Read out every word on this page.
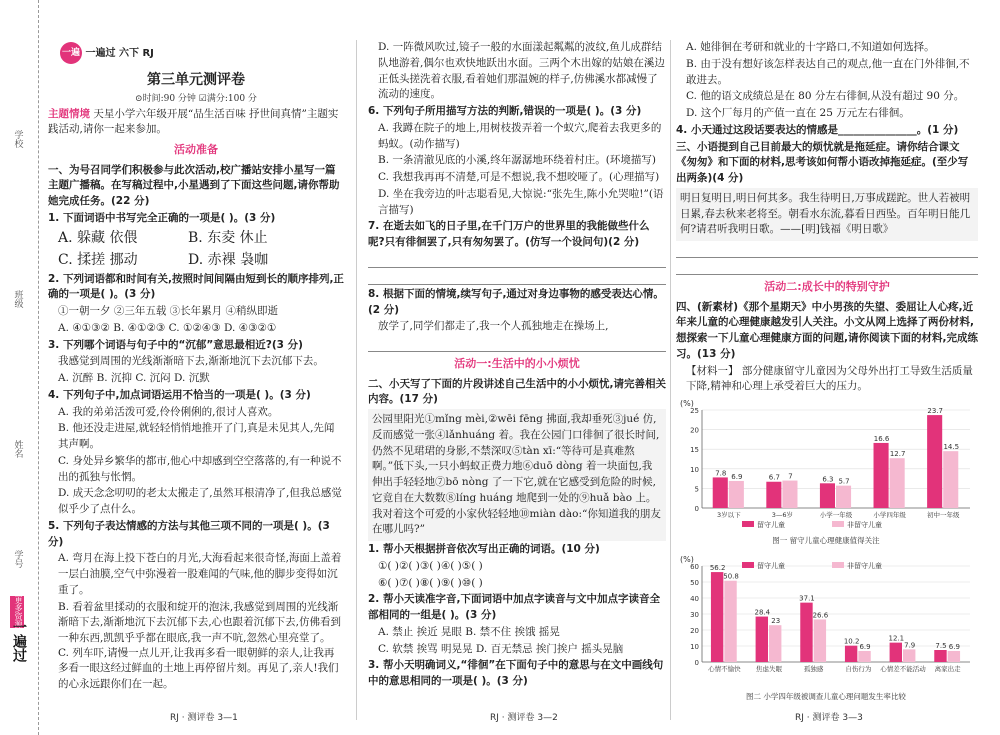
学校
班级
姓名
学号
更多资源
一遍过
一遍 一遍过 六下 RJ
第三单元测评卷
⊙时间:90 分钟 ☑满分:100 分

主题情境 天星小学六年级开展“品生活百味 抒世间真情”主题实践活动,请你一起来参加。

活动准备

一、为号召同学们积极参与此次活动,校广播站安排小星写一篇主题广播稿。在写稿过程中,小星遇到了下面这些问题,请你帮助她完成任务。(22 分)

1. 下面词语中书写完全正确的一项是( )。(3 分)

A. 躲藏 依偎	B. 东夌 休止

C. 揉搓 挪动	D. 赤裸 袅咖

2. 下列词语都和时间有关,按照时间间隔由短到长的顺序排列,正确的一项是( )。(3 分)

①一朝一夕 ②三年五载 ③长年累月 ④稍纵即逝

A. ④①③② B. ④①②③ C. ①②④③ D. ④③②①

3. 下列哪个词语与句子中的“沉郁”意思最相近?(3 分)

我感觉到周围的光线渐渐暗下去,渐渐地沉下去沉郁下去。

A. 沉醉 B. 沉抑 C. 沉闷 D. 沉默

4. 下列句子中,加点词语运用不恰当的一项是( )。(3 分)

A. 我的弟弟活泼可爱,伶伶俐俐的,很讨人喜欢。

B. 他还没走进屋,就轻轻悄悄地推开了门,真是未见其人,先闻其声啊。

C. 身处异乡繁华的都市,他心中却感到空空落落的,有一种说不出的孤独与怅惘。

D. 成天念念叨叨的老太太搬走了,虽然耳根清净了,但我总感觉似乎少了点什么。

5. 下列句子表达情感的方法与其他三项不同的一项是( )。(3 分)

A. 弯月在海上投下苍白的月光,大海看起来很奇怪,海面上盖着一层白油膜,空气中弥漫着一股难闻的气味,他的脚步变得如沉重了。

B. 看着盆里揉动的衣服和绽开的泡沫,我感觉到周围的光线渐渐暗下去,渐渐地沉下去沉郁下去,心也跟着沉郁下去,仿佛看到一种东西,凯凯乎乎都在眼底,我一声不吭,忽然心里亮堂了。

C. 列车吓,请慢一点儿开,让我再多看一眼朝鲜的亲人,让我再多看一眼这经过鲜血的土地上再停留片刻。再见了,亲人!我们的心永远跟你们在一起。

RJ · 测评卷 3—1

D. 一阵微风吹过,镜子一般的水面漾起粼粼的波纹,鱼儿成群结队地游着,偶尔也欢快地跃出水面。三两个木出嫁的姑娘在溪边正低头搓洗着衣服,看着她们那温婉的样子,仿佛溪水都减慢了流动的速度。

6. 下列句子所用描写方法的判断,错误的一项是( )。(3 分)

A. 我蹲在院子的地上,用树枝拨弄着一个蚁穴,爬着去我更多的蚂蚁。(动作描写)

B. 一条清澈见底的小溪,终年潺潺地环绕着村庄。(环境描写)

C. 我想我再再不清楚,可是不想说,我不想咬哑了。(心理描写)

D. 坐在我旁边的叶志聪看见,大惊说:“张先生,陈小允哭啦!”(语言描写)

7. 在逝去如飞的日子里,在千门万户的世界里的我能做些什么呢?只有徘徊罢了,只有匆匆罢了。(仿写一个设问句)(2 分)

8. 根据下面的情境,续写句子,通过对身边事物的感受表达心情。(2 分)

放学了,同学们都走了,我一个人孤独地走在操场上,

活动一:生活中的小小烦忧

二、小天写了下面的片段讲述自己生活中的小小烦忧,请完善相关内容。(17 分)

公园里阳光①mǐng mèi,②wēi fēng 拂面,我却垂死③jué 仿,反而感觉一张④lǎnhuáng 着。我在公园门口徘徊了很长时间,仍然不见珺珺的身影,不禁深叹⑤tàn xī:“等待可是真难熬啊。”低下头,一只小蚂蚁正费力地⑥duō dòng 着一块面包,我伸出手轻轻地⑦bō nòng 了一下它,就在它感受到危险的时候,它竟自在大数数⑧líng huáng 地爬到一处的⑨huǎ bào 上。我对着这个可爱的小家伙轻轻地⑩miàn dào:“你知道我的朋友在哪儿吗?”

1. 帮小天根据拼音依次写出正确的词语。(10 分)

①( )②( )③( )④( )⑤( )

⑥( )⑦( )⑧( )⑨( )⑩( )

2. 帮小天读准字音,下面词语中加点字读音与文中加点字读音全部相同的一组是( )。(3 分)

A. 禁止 挨近 晃眼 B. 禁不住 挨饿 摇晃

C. 软禁 挨骂 明晃晃 D. 百无禁忌 挨门挨户 摇头晃脑

3. 帮小天明确词义,“徘徊”在下面句子中的意思与在文中画线句中的意思相同的一项是( )。(3 分)

RJ · 测评卷 3—2

A. 她徘徊在考研和就业的十字路口,不知道如何选择。

B. 由于没有想好该怎样表达自己的观点,他一直在门外徘徊,不敢进去。

C. 他的语文成绩总是在 80 分左右徘徊,从没有超过 90 分。

D. 这个厂每月的产值一直在 25 万元左右徘徊。

4. 小天通过这段话要表达的情感是_______________。(1 分)

三、小语提到自己目前最大的烦忧就是拖延症。请你结合课文《匆匆》和下面的材料,思考该如何帮小语改掉拖延症。(至少写出两条)(4 分)

明日复明日,明日何其多。我生待明日,万事成蹉跎。世人若被明日累,春去秋来老将至。朝看水东流,暮看日西坠。百年明日能几何?请君听我明日歌。——[明]钱福《明日歌》

活动二:成长中的特别守护

四、(新素材)《那个星期天》中小男孩的失望、委屈让人心疼,近年来儿童的心理健康越发引人关注。小文从网上选择了两份材料,想探索一下儿童心理健康方面的问题,请你阅读下面的材料,完成练习。(13 分)

【材料一】 部分健康留守儿童因为父母外出打工导致生活质量下降,精神和心理上承受着巨大的压力。

(%)
0
5
10
15
20
25
7.8 6.9
3岁以下
6.7 7
3—6岁
6.3 5.7
小学一年级
16.6
12.7
小学四年级
23.7
14.5
初中一年级
留守儿童	非留守儿童
图一 留守儿童心理健康值得关注

(%)
0
10
20
30
40
50
60 56.2
50.8
心情不愉快
28.4
23
焦虑失眠
37.1
26.6
孤独感
10.2
6.9
自伤行为
12.1
7.9
心情差不能活动
7.5 6.9
离家出走
留守儿童	非留守儿童
图二 小学四年级被调查儿童心理问题发生率比较
RJ · 测评卷 3—3
